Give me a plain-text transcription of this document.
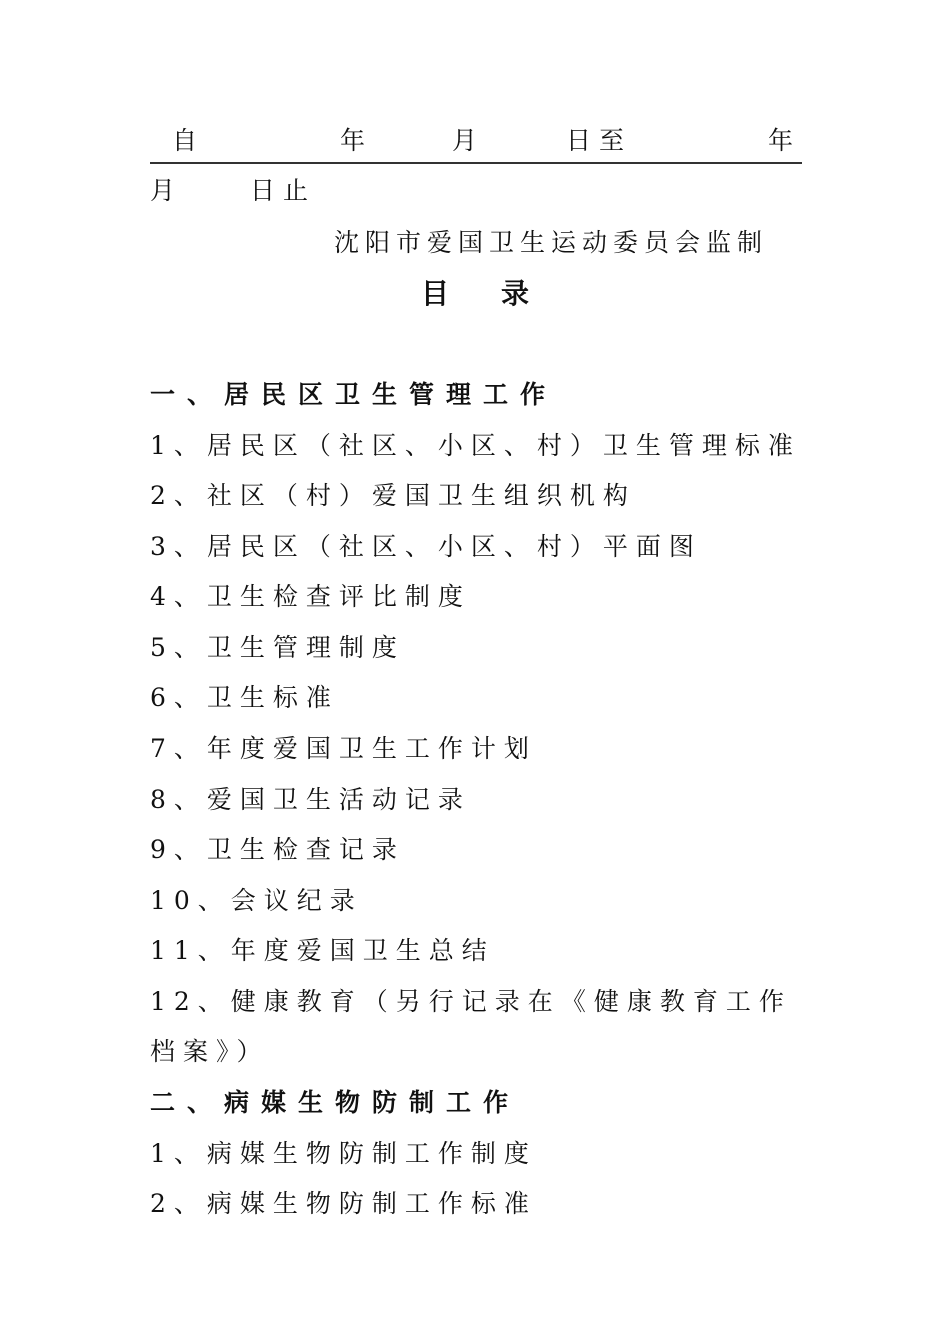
自	年	月	日至	年
月	日止
沈阳市爱国卫生运动委员会监制
目 录
一、居民区卫生管理工作
1、居民区（社区、小区、村）卫生管理标准
2、社区（村）爱国卫生组织机构
3、居民区（社区、小区、村）平面图
4、卫生检查评比制度
5、卫生管理制度
6、卫生标准
7、年度爱国卫生工作计划
8、爱国卫生活动记录
9、卫生检查记录
10、会议纪录
11、年度爱国卫生总结
12、健康教育（另行记录在《健康教育工作
档案》）
二、病媒生物防制工作
1、病媒生物防制工作制度
2、病媒生物防制工作标准
